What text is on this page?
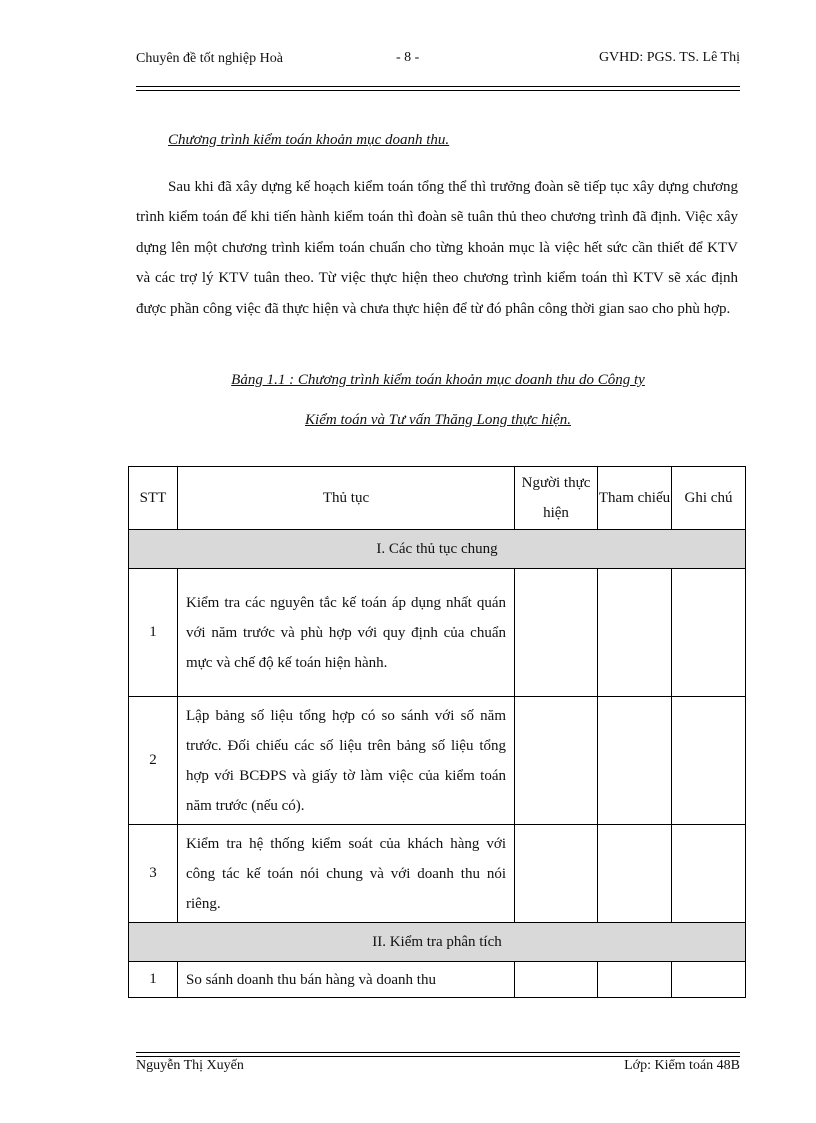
Chuyên đề tốt nghiệp Hoà	- 8 -	GVHD: PGS. TS. Lê Thị
Chương trình kiểm toán khoản mục doanh thu.

Sau khi đã xây dựng kế hoạch kiểm toán tổng thể thì trưởng đoàn sẽ tiếp tục xây dựng chương trình kiểm toán để khi tiến hành kiểm toán thì đoàn sẽ tuân thủ theo chương trình đã định. Việc xây dựng lên một chương trình kiểm toán chuẩn cho từng khoản mục là việc hết sức cần thiết để KTV và các trợ lý KTV tuân theo. Từ việc thực hiện theo chương trình kiểm toán thì KTV sẽ xác định được phần công việc đã thực hiện và chưa thực hiện để từ đó phân công thời gian sao cho phù hợp.

Bảng 1.1 : Chương trình kiểm toán khoản mục doanh thu do Công ty
Kiểm toán và Tư vấn Thăng Long thực hiện.
STT	Thủ tục	Người thực hiện	Tham chiếu	Ghi chú
I. Các thủ tục chung				
1	Kiểm tra các nguyên tắc kế toán áp dụng nhất quán với năm trước và phù hợp với quy định của chuẩn mực và chế độ kế toán hiện hành.			
2	Lập bảng số liệu tổng hợp có so sánh với số năm trước. Đối chiếu các số liệu trên bảng số liệu tổng hợp với BCĐPS và giấy tờ làm việc của kiểm toán năm trước (nếu có).			
3	Kiểm tra hệ thống kiểm soát của khách hàng với công tác kế toán nói chung và với doanh thu nói riêng.			
II. Kiểm tra phân tích				
1	So sánh doanh thu bán hàng và doanh thu			
Nguyễn Thị Xuyến	Lớp: Kiểm toán 48B
